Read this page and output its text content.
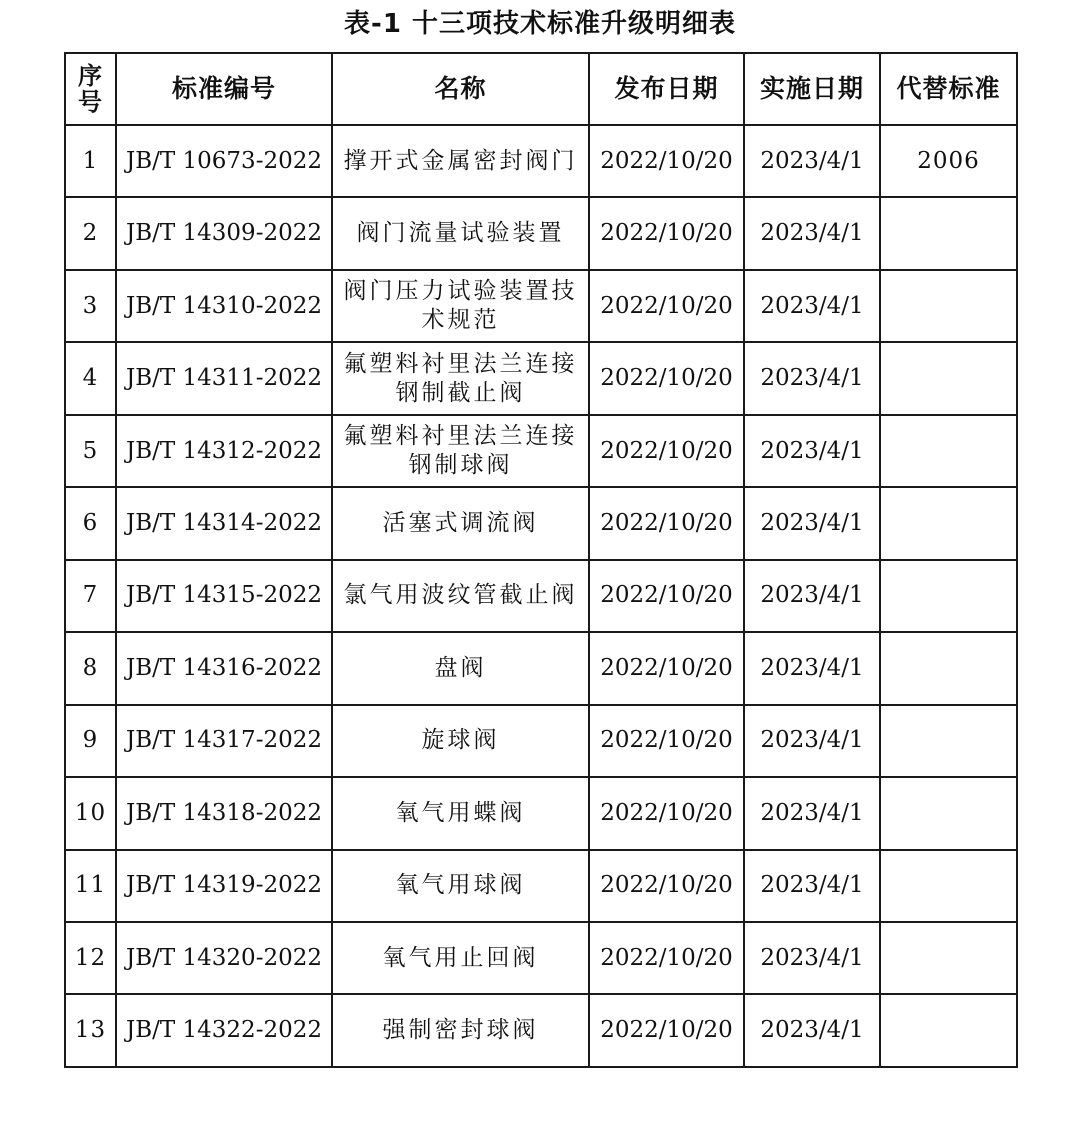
表-1 十三项技术标准升级明细表
序
号	标准编号	名称	发布日期	实施日期	代替标准
1	JB/T 10673-2022	撑开式金属密封阀门	2022/10/20	2023/4/1	2006
2	JB/T 14309-2022	阀门流量试验装置	2022/10/20	2023/4/1	
3	JB/T 14310-2022	阀门压力试验装置技术规范	2022/10/20	2023/4/1	
4	JB/T 14311-2022	氟塑料衬里法兰连接钢制截止阀	2022/10/20	2023/4/1	
5	JB/T 14312-2022	氟塑料衬里法兰连接钢制球阀	2022/10/20	2023/4/1	
6	JB/T 14314-2022	活塞式调流阀	2022/10/20	2023/4/1	
7	JB/T 14315-2022	氯气用波纹管截止阀	2022/10/20	2023/4/1	
8	JB/T 14316-2022	盘阀	2022/10/20	2023/4/1	
9	JB/T 14317-2022	旋球阀	2022/10/20	2023/4/1	
10	JB/T 14318-2022	氧气用蝶阀	2022/10/20	2023/4/1	
11	JB/T 14319-2022	氧气用球阀	2022/10/20	2023/4/1	
12	JB/T 14320-2022	氧气用止回阀	2022/10/20	2023/4/1	
13	JB/T 14322-2022	强制密封球阀	2022/10/20	2023/4/1	
